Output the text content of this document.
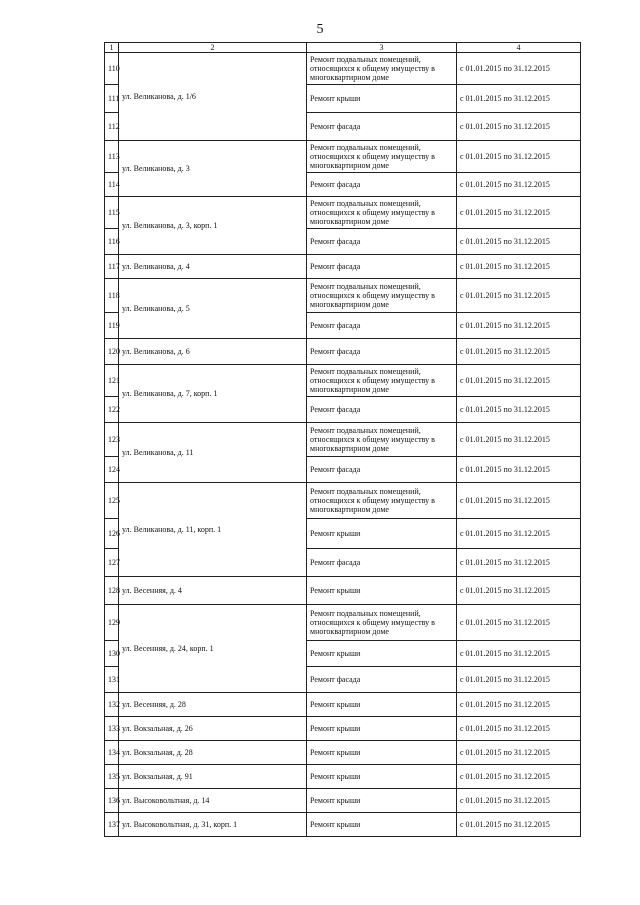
5
1	2	3	4
110	ул. Великанова, д. 1/6	Ремонт подвальных помещений, относящихся к общему имуществу в многоквартирном доме	с 01.01.2015 по 31.12.2015
111		Ремонт крыши	с 01.01.2015 по 31.12.2015
112		Ремонт фасада	с 01.01.2015 по 31.12.2015
113	ул. Великанова, д. 3	Ремонт подвальных помещений, относящихся к общему имуществу в многоквартирном доме	с 01.01.2015 по 31.12.2015
114		Ремонт фасада	с 01.01.2015 по 31.12.2015
115	ул. Великанова, д. 3, корп. 1	Ремонт подвальных помещений, относящихся к общему имуществу в многоквартирном доме	с 01.01.2015 по 31.12.2015
116		Ремонт фасада	с 01.01.2015 по 31.12.2015
117	ул. Великанова, д. 4	Ремонт фасада	с 01.01.2015 по 31.12.2015
118	ул. Великанова, д. 5	Ремонт подвальных помещений, относящихся к общему имуществу в многоквартирном доме	с 01.01.2015 по 31.12.2015
119		Ремонт фасада	с 01.01.2015 по 31.12.2015
120	ул. Великанова, д. 6	Ремонт фасада	с 01.01.2015 по 31.12.2015
121	ул. Великанова, д. 7, корп. 1	Ремонт подвальных помещений, относящихся к общему имуществу в многоквартирном доме	с 01.01.2015 по 31.12.2015
122		Ремонт фасада	с 01.01.2015 по 31.12.2015
123	ул. Великанова, д. 11	Ремонт подвальных помещений, относящихся к общему имуществу в многоквартирном доме	с 01.01.2015 по 31.12.2015
124		Ремонт фасада	с 01.01.2015 по 31.12.2015
125	ул. Великанова, д. 11, корп. 1	Ремонт подвальных помещений, относящихся к общему имуществу в многоквартирном доме	с 01.01.2015 по 31.12.2015
126		Ремонт крыши	с 01.01.2015 по 31.12.2015
127		Ремонт фасада	с 01.01.2015 по 31.12.2015
128	ул. Весенняя, д. 4	Ремонт крыши	с 01.01.2015 по 31.12.2015
129	ул. Весенняя, д. 24, корп. 1	Ремонт подвальных помещений, относящихся к общему имуществу в многоквартирном доме	с 01.01.2015 по 31.12.2015
130		Ремонт крыши	с 01.01.2015 по 31.12.2015
131		Ремонт фасада	с 01.01.2015 по 31.12.2015
132	ул. Весенняя, д. 28	Ремонт крыши	с 01.01.2015 по 31.12.2015
133	ул. Вокзальная, д. 26	Ремонт крыши	с 01.01.2015 по 31.12.2015
134	ул. Вокзальная, д. 28	Ремонт крыши	с 01.01.2015 по 31.12.2015
135	ул. Вокзальная, д. 91	Ремонт крыши	с 01.01.2015 по 31.12.2015
136	ул. Высоковольтная, д. 14	Ремонт крыши	с 01.01.2015 по 31.12.2015
137	ул. Высоковольтная, д. 31, корп. 1	Ремонт крыши	с 01.01.2015 по 31.12.2015
